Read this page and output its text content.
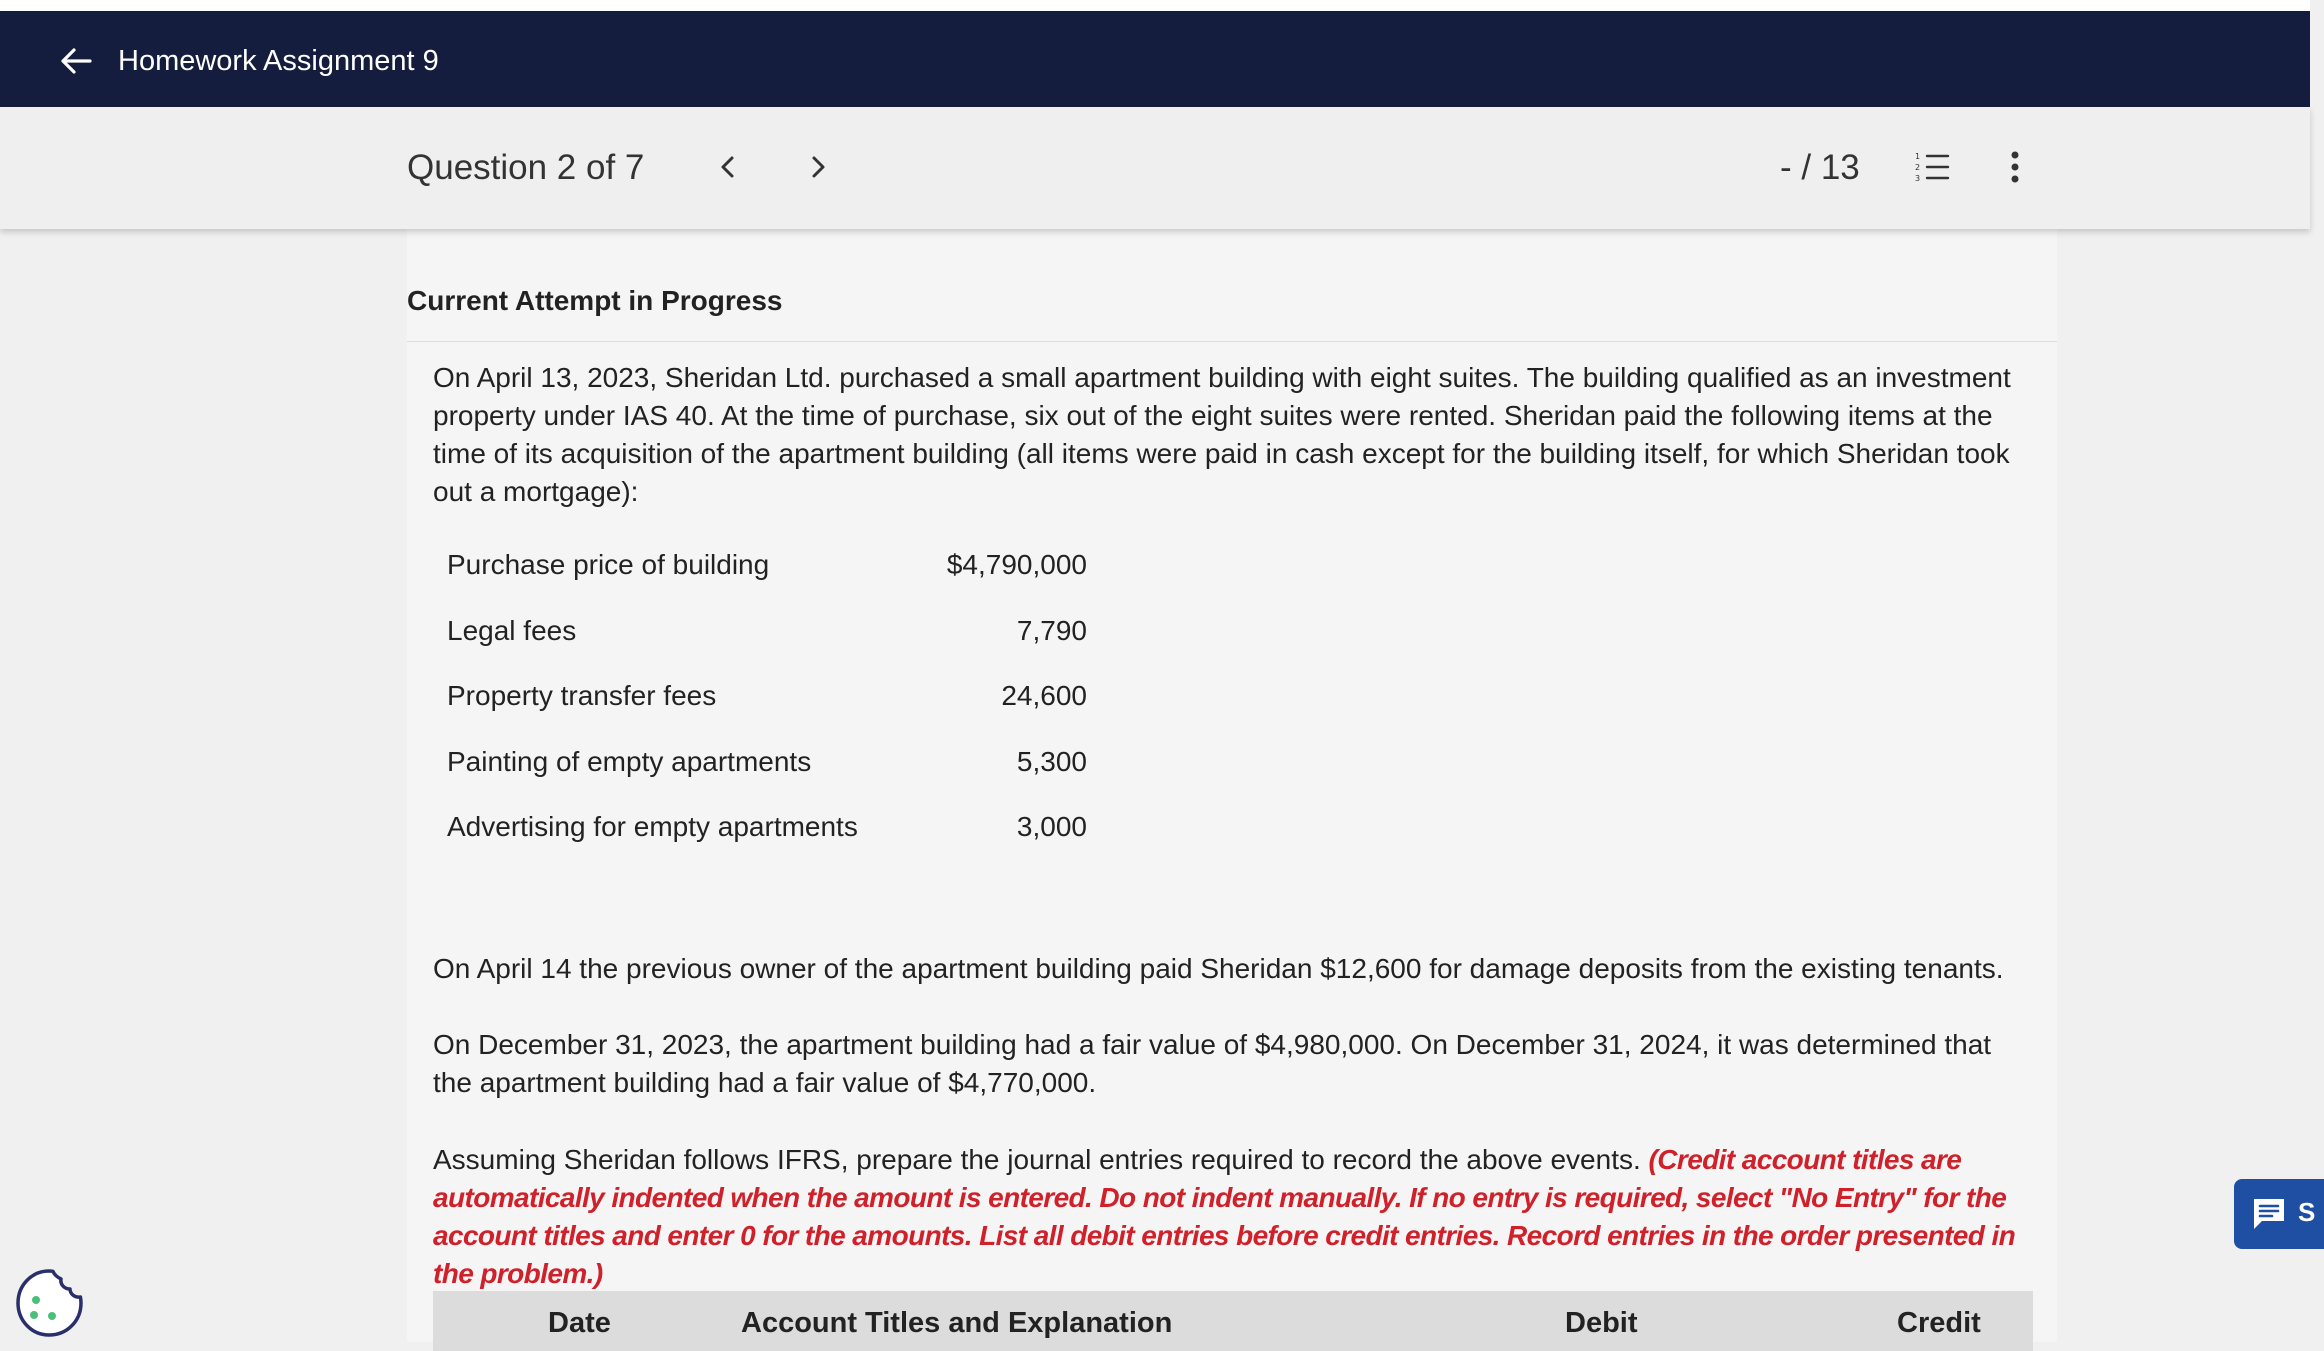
Homework Assignment 9
Question 2 of 7	- / 13	1
2
3
Current Attempt in Progress

On April 13, 2023, Sheridan Ltd. purchased a small apartment building with eight suites. The building qualified as an investment property under IAS 40. At the time of purchase, six out of the eight suites were rented. Sheridan paid the following items at the time of its acquisition of the apartment building (all items were paid in cash except for the building itself, for which Sheridan took out a mortgage):

Purchase price of building	$4,790,000
Legal fees	7,790
Property transfer fees	24,600
Painting of empty apartments	5,300
Advertising for empty apartments	3,000

On April 14 the previous owner of the apartment building paid Sheridan $12,600 for damage deposits from the existing tenants.

On December 31, 2023, the apartment building had a fair value of $4,980,000. On December 31, 2024, it was determined that the apartment building had a fair value of $4,770,000.

Assuming Sheridan follows IFRS, prepare the journal entries required to record the above events. (Credit account titles are automatically indented when the amount is entered. Do not indent manually. If no entry is required, select "No Entry" for the account titles and enter 0 for the amounts. List all debit entries before credit entries. Record entries in the order presented in the problem.)

Date	Account Titles and Explanation	Debit	Credit
S
